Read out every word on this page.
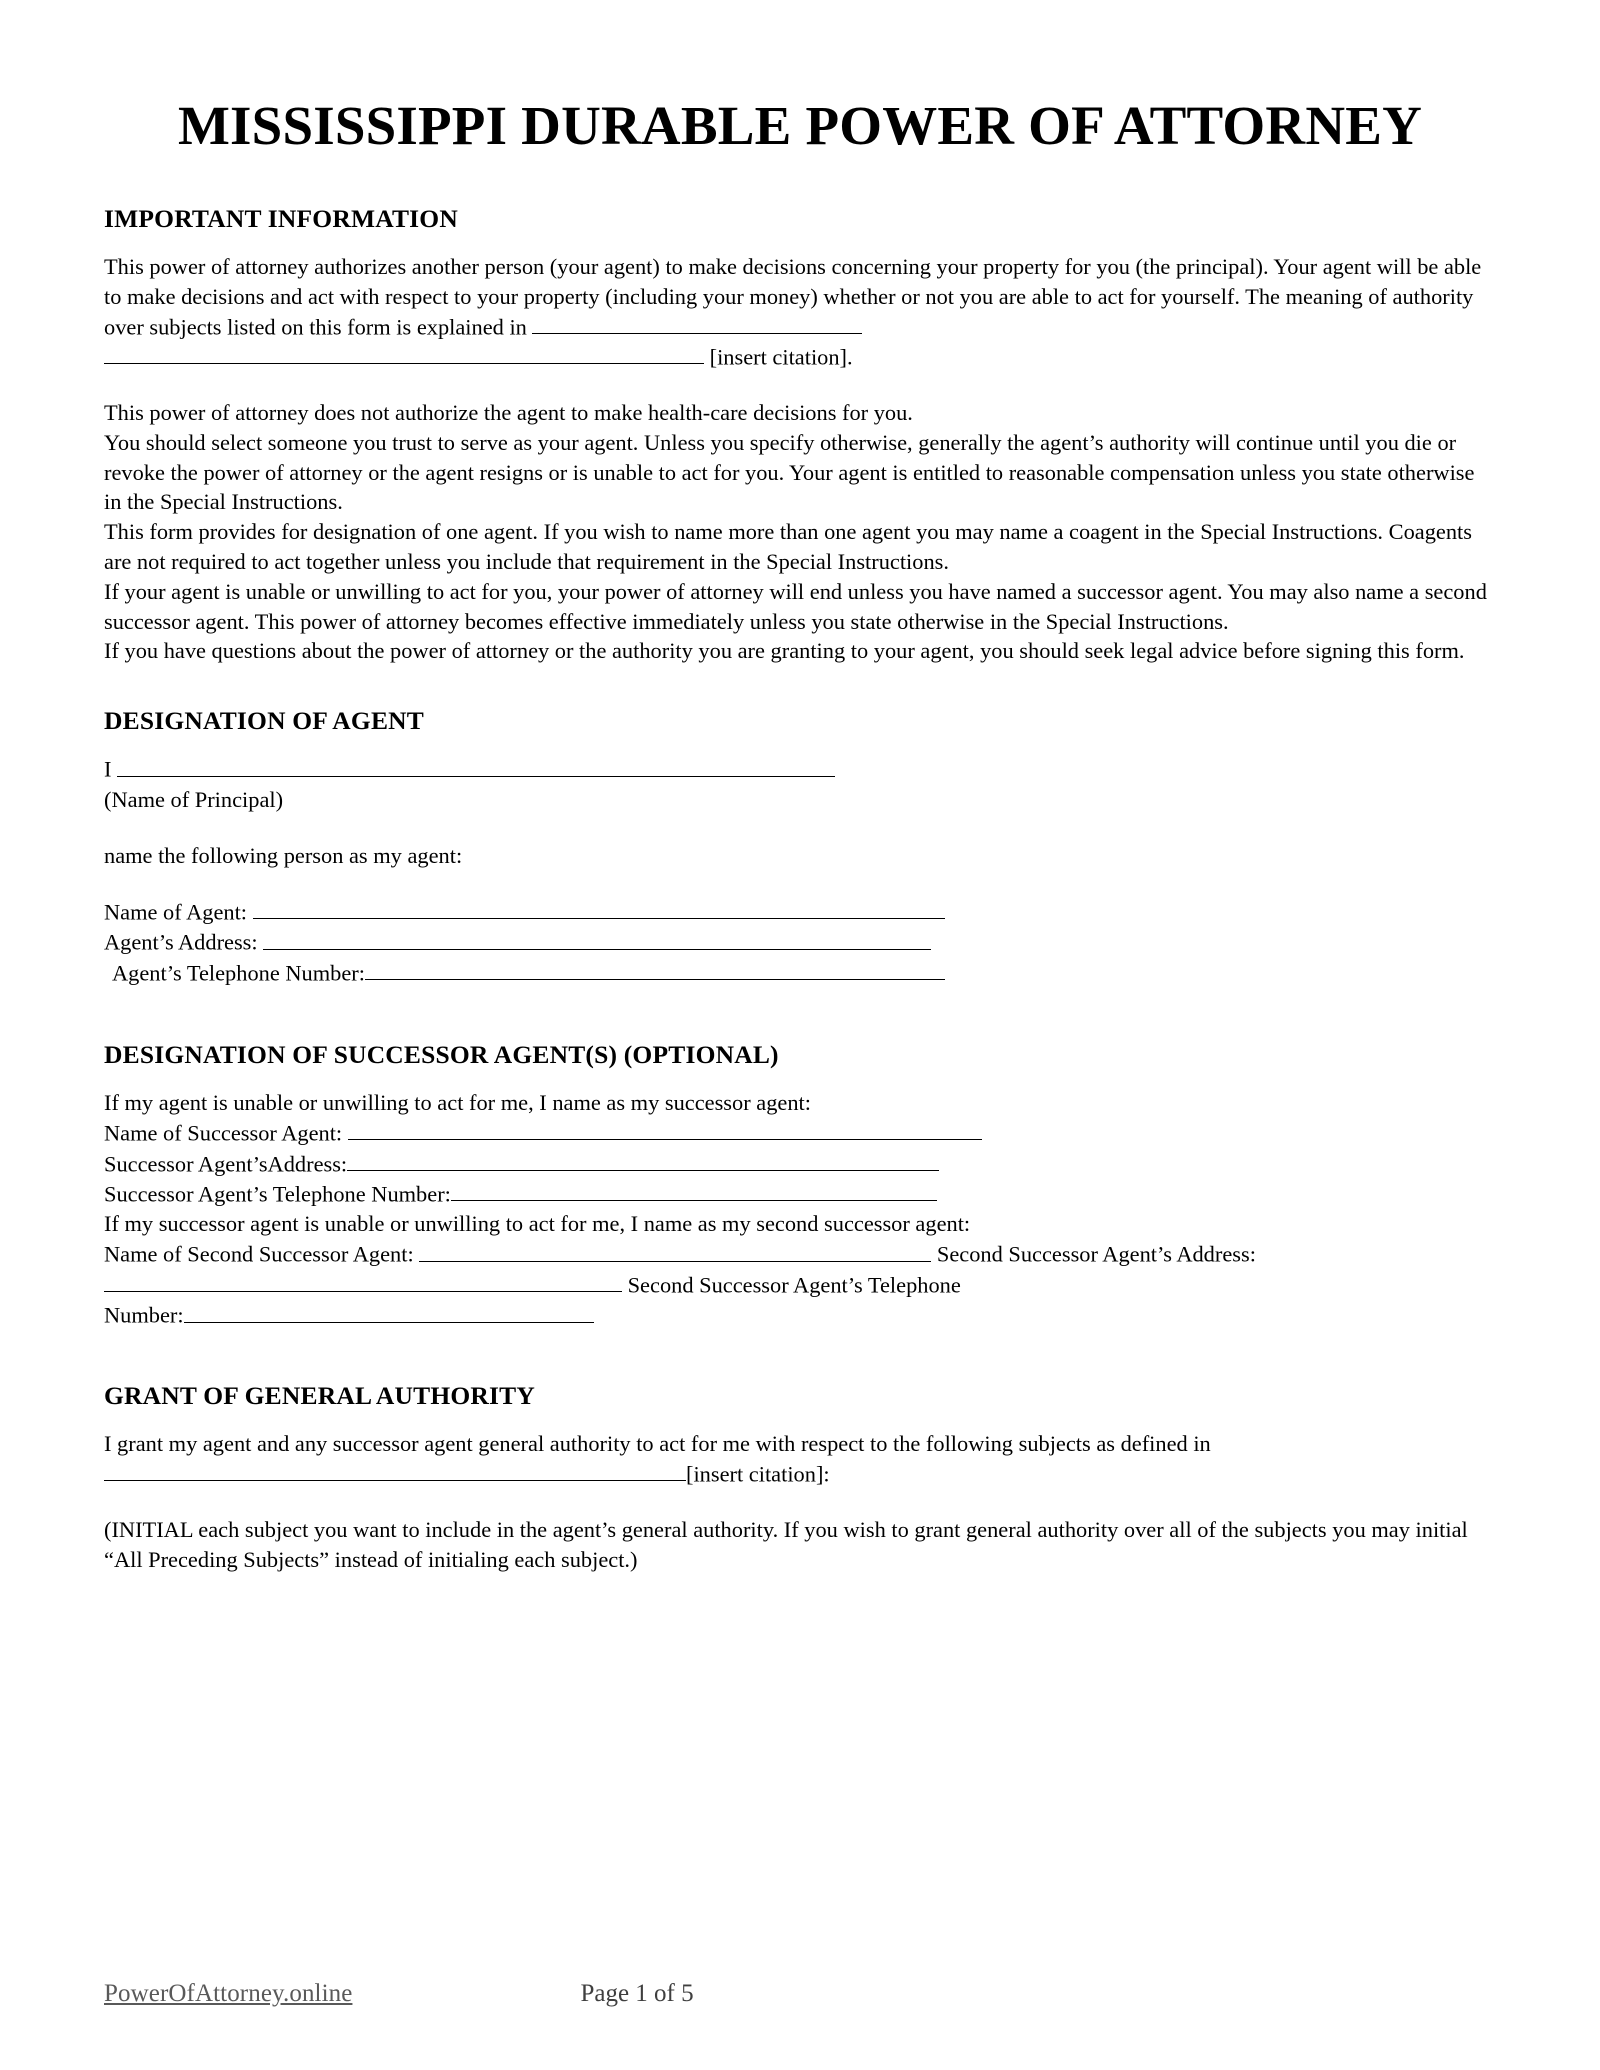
MISSISSIPPI DURABLE POWER OF ATTORNEY
IMPORTANT INFORMATION

This power of attorney authorizes another person (your agent) to make decisions concerning your property for you (the principal). Your agent will be able to make decisions and act with respect to your property (including your money) whether or not you are able to act for yourself. The meaning of authority over subjects listed on this form is explained in
[insert citation].

This power of attorney does not authorize the agent to make health-care decisions for you.

You should select someone you trust to serve as your agent. Unless you specify otherwise, generally the agent’s authority will continue until you die or revoke the power of attorney or the agent resigns or is unable to act for you. Your agent is entitled to reasonable compensation unless you state otherwise in the Special Instructions.

This form provides for designation of one agent. If you wish to name more than one agent you may name a coagent in the Special Instructions. Coagents are not required to act together unless you include that requirement in the Special Instructions.

If your agent is unable or unwilling to act for you, your power of attorney will end unless you have named a successor agent. You may also name a second successor agent. This power of attorney becomes effective immediately unless you state otherwise in the Special Instructions.

If you have questions about the power of attorney or the authority you are granting to your agent, you should seek legal advice before signing this form.

DESIGNATION OF AGENT

I

(Name of Principal)

name the following person as my agent:

Name of Agent:

Agent’s Address:

Agent’s Telephone Number:

DESIGNATION OF SUCCESSOR AGENT(S) (OPTIONAL)

If my agent is unable or unwilling to act for me, I name as my successor agent:

Name of Successor Agent:

Successor Agent’sAddress:

Successor Agent’s Telephone Number:

If my successor agent is unable or unwilling to act for me, I name as my second successor agent:

Name of Second Successor Agent:	Second Successor Agent’s Address:

Second Successor Agent’s Telephone

Number:

GRANT OF GENERAL AUTHORITY

I grant my agent and any successor agent general authority to act for me with respect to the following subjects as defined in
[insert citation]:

(INITIAL each subject you want to include in the agent’s general authority. If you wish to grant general authority over all of the subjects you may initial “All Preceding Subjects” instead of initialing each subject.)

PowerOfAttorney.online	Page 1 of 5
